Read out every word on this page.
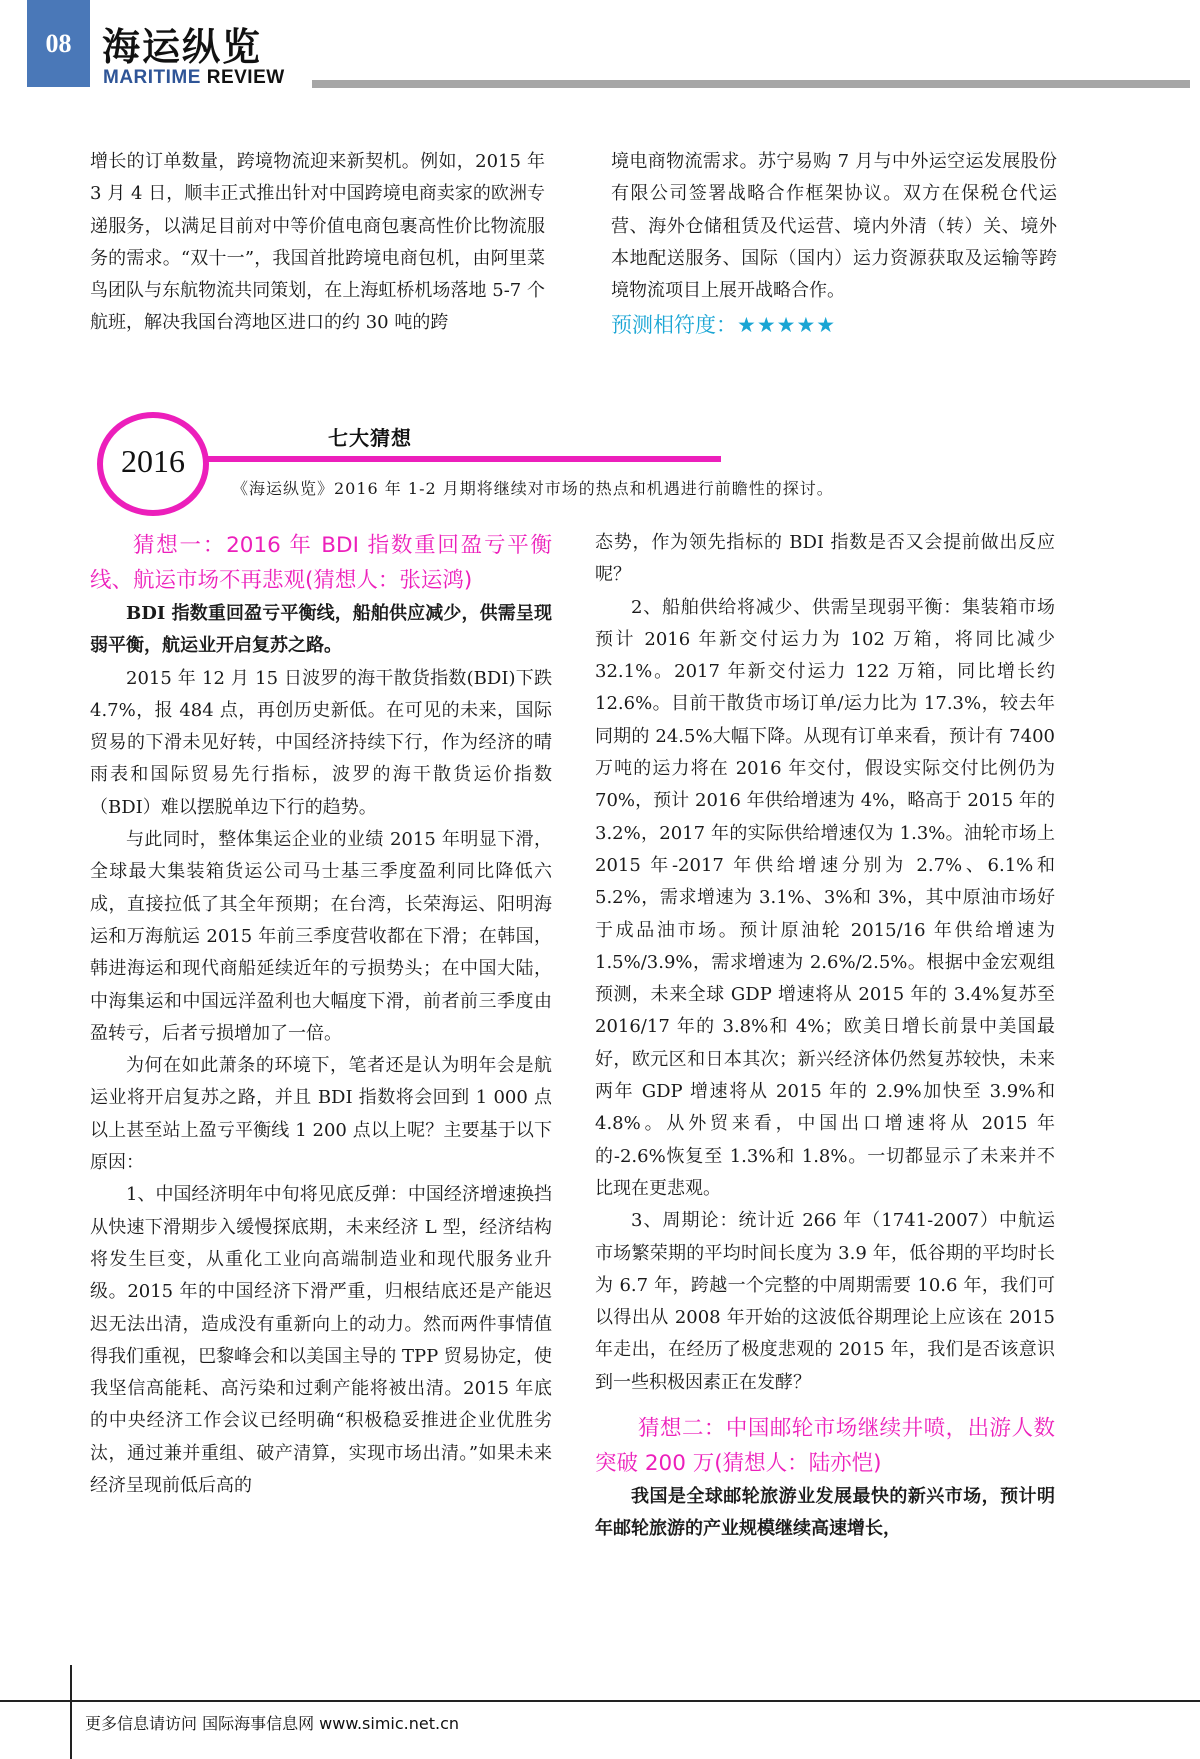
08 海运纵览
MARITIME REVIEW

增长的订单数量，跨境物流迎来新契机。例如，2015 年 3 月 4 日，顺丰正式推出针对中国跨境电商卖家的欧洲专递服务，以满足目前对中等价值电商包裹高性价比物流服务的需求。“双十一”，我国首批跨境电商包机，由阿里菜鸟团队与东航物流共同策划，在上海虹桥机场落地 5-7 个航班，解决我国台湾地区进口的约 30 吨的跨

境电商物流需求。苏宁易购 7 月与中外运空运发展股份有限公司签署战略合作框架协议。双方在保税仓代运营、海外仓储租赁及代运营、境内外清（转）关、境外本地配送服务、国际（国内）运力资源获取及运输等跨境物流项目上展开战略合作。

预测相符度：★★★★★
2016
七大猜想
《海运纵览》2016 年 1-2 月期将继续对市场的热点和机遇进行前瞻性的探讨。

猜想一：2016 年 BDI 指数重回盈亏平衡线、航运市场不再悲观(猜想人：张运鸿)

BDI 指数重回盈亏平衡线，船舶供应减少，供需呈现弱平衡，航运业开启复苏之路。

2015 年 12 月 15 日波罗的海干散货指数(BDI)下跌 4.7%，报 484 点，再创历史新低。在可见的未来，国际贸易的下滑未见好转，中国经济持续下行，作为经济的晴雨表和国际贸易先行指标，波罗的海干散货运价指数（BDI）难以摆脱单边下行的趋势。

与此同时，整体集运企业的业绩 2015 年明显下滑，全球最大集装箱货运公司马士基三季度盈利同比降低六成，直接拉低了其全年预期；在台湾，长荣海运、阳明海运和万海航运 2015 年前三季度营收都在下滑；在韩国，韩进海运和现代商船延续近年的亏损势头；在中国大陆，中海集运和中国远洋盈利也大幅度下滑，前者前三季度由盈转亏，后者亏损增加了一倍。

为何在如此萧条的环境下，笔者还是认为明年会是航运业将开启复苏之路，并且 BDI 指数将会回到 1 000 点以上甚至站上盈亏平衡线 1 200 点以上呢？主要基于以下原因：

1、中国经济明年中旬将见底反弹：中国经济增速换挡从快速下滑期步入缓慢探底期，未来经济 L 型，经济结构将发生巨变，从重化工业向高端制造业和现代服务业升级。2015 年的中国经济下滑严重，归根结底还是产能迟迟无法出清，造成没有重新向上的动力。然而两件事情值得我们重视，巴黎峰会和以美国主导的 TPP 贸易协定，使我坚信高能耗、高污染和过剩产能将被出清。2015 年底的中央经济工作会议已经明确“积极稳妥推进企业优胜劣汰，通过兼并重组、破产清算，实现市场出清。”如果未来经济呈现前低后高的

态势，作为领先指标的 BDI 指数是否又会提前做出反应呢？

2、船舶供给将减少、供需呈现弱平衡：集装箱市场预计 2016 年新交付运力为 102 万箱，将同比减少 32.1%。2017 年新交付运力 122 万箱，同比增长约 12.6%。目前干散货市场订单/运力比为 17.3%，较去年同期的 24.5%大幅下降。从现有订单来看，预计有 7400 万吨的运力将在 2016 年交付，假设实际交付比例仍为 70%，预计 2016 年供给增速为 4%，略高于 2015 年的 3.2%，2017 年的实际供给增速仅为 1.3%。油轮市场上 2015 年-2017 年供给增速分别为 2.7%、6.1%和 5.2%，需求增速为 3.1%、3%和 3%，其中原油市场好于成品油市场。预计原油轮 2015/16 年供给增速为 1.5%/3.9%，需求增速为 2.6%/2.5%。根据中金宏观组预测，未来全球 GDP 增速将从 2015 年的 3.4%复苏至 2016/17 年的 3.8%和 4%；欧美日增长前景中美国最好，欧元区和日本其次；新兴经济体仍然复苏较快，未来两年 GDP 增速将从 2015 年的 2.9%加快至 3.9%和 4.8%。从外贸来看，中国出口增速将从 2015 年的-2.6%恢复至 1.3%和 1.8%。一切都显示了未来并不比现在更悲观。

3、周期论：统计近 266 年（1741-2007）中航运市场繁荣期的平均时间长度为 3.9 年，低谷期的平均时长为 6.7 年，跨越一个完整的中周期需要 10.6 年，我们可以得出从 2008 年开始的这波低谷期理论上应该在 2015 年走出，在经历了极度悲观的 2015 年，我们是否该意识到一些积极因素正在发酵？

猜想二：中国邮轮市场继续井喷，出游人数突破 200 万(猜想人：陆亦恺)

我国是全球邮轮旅游业发展最快的新兴市场，预计明年邮轮旅游的产业规模继续高速增长，

更多信息请访问 国际海事信息网 www.simic.net.cn
